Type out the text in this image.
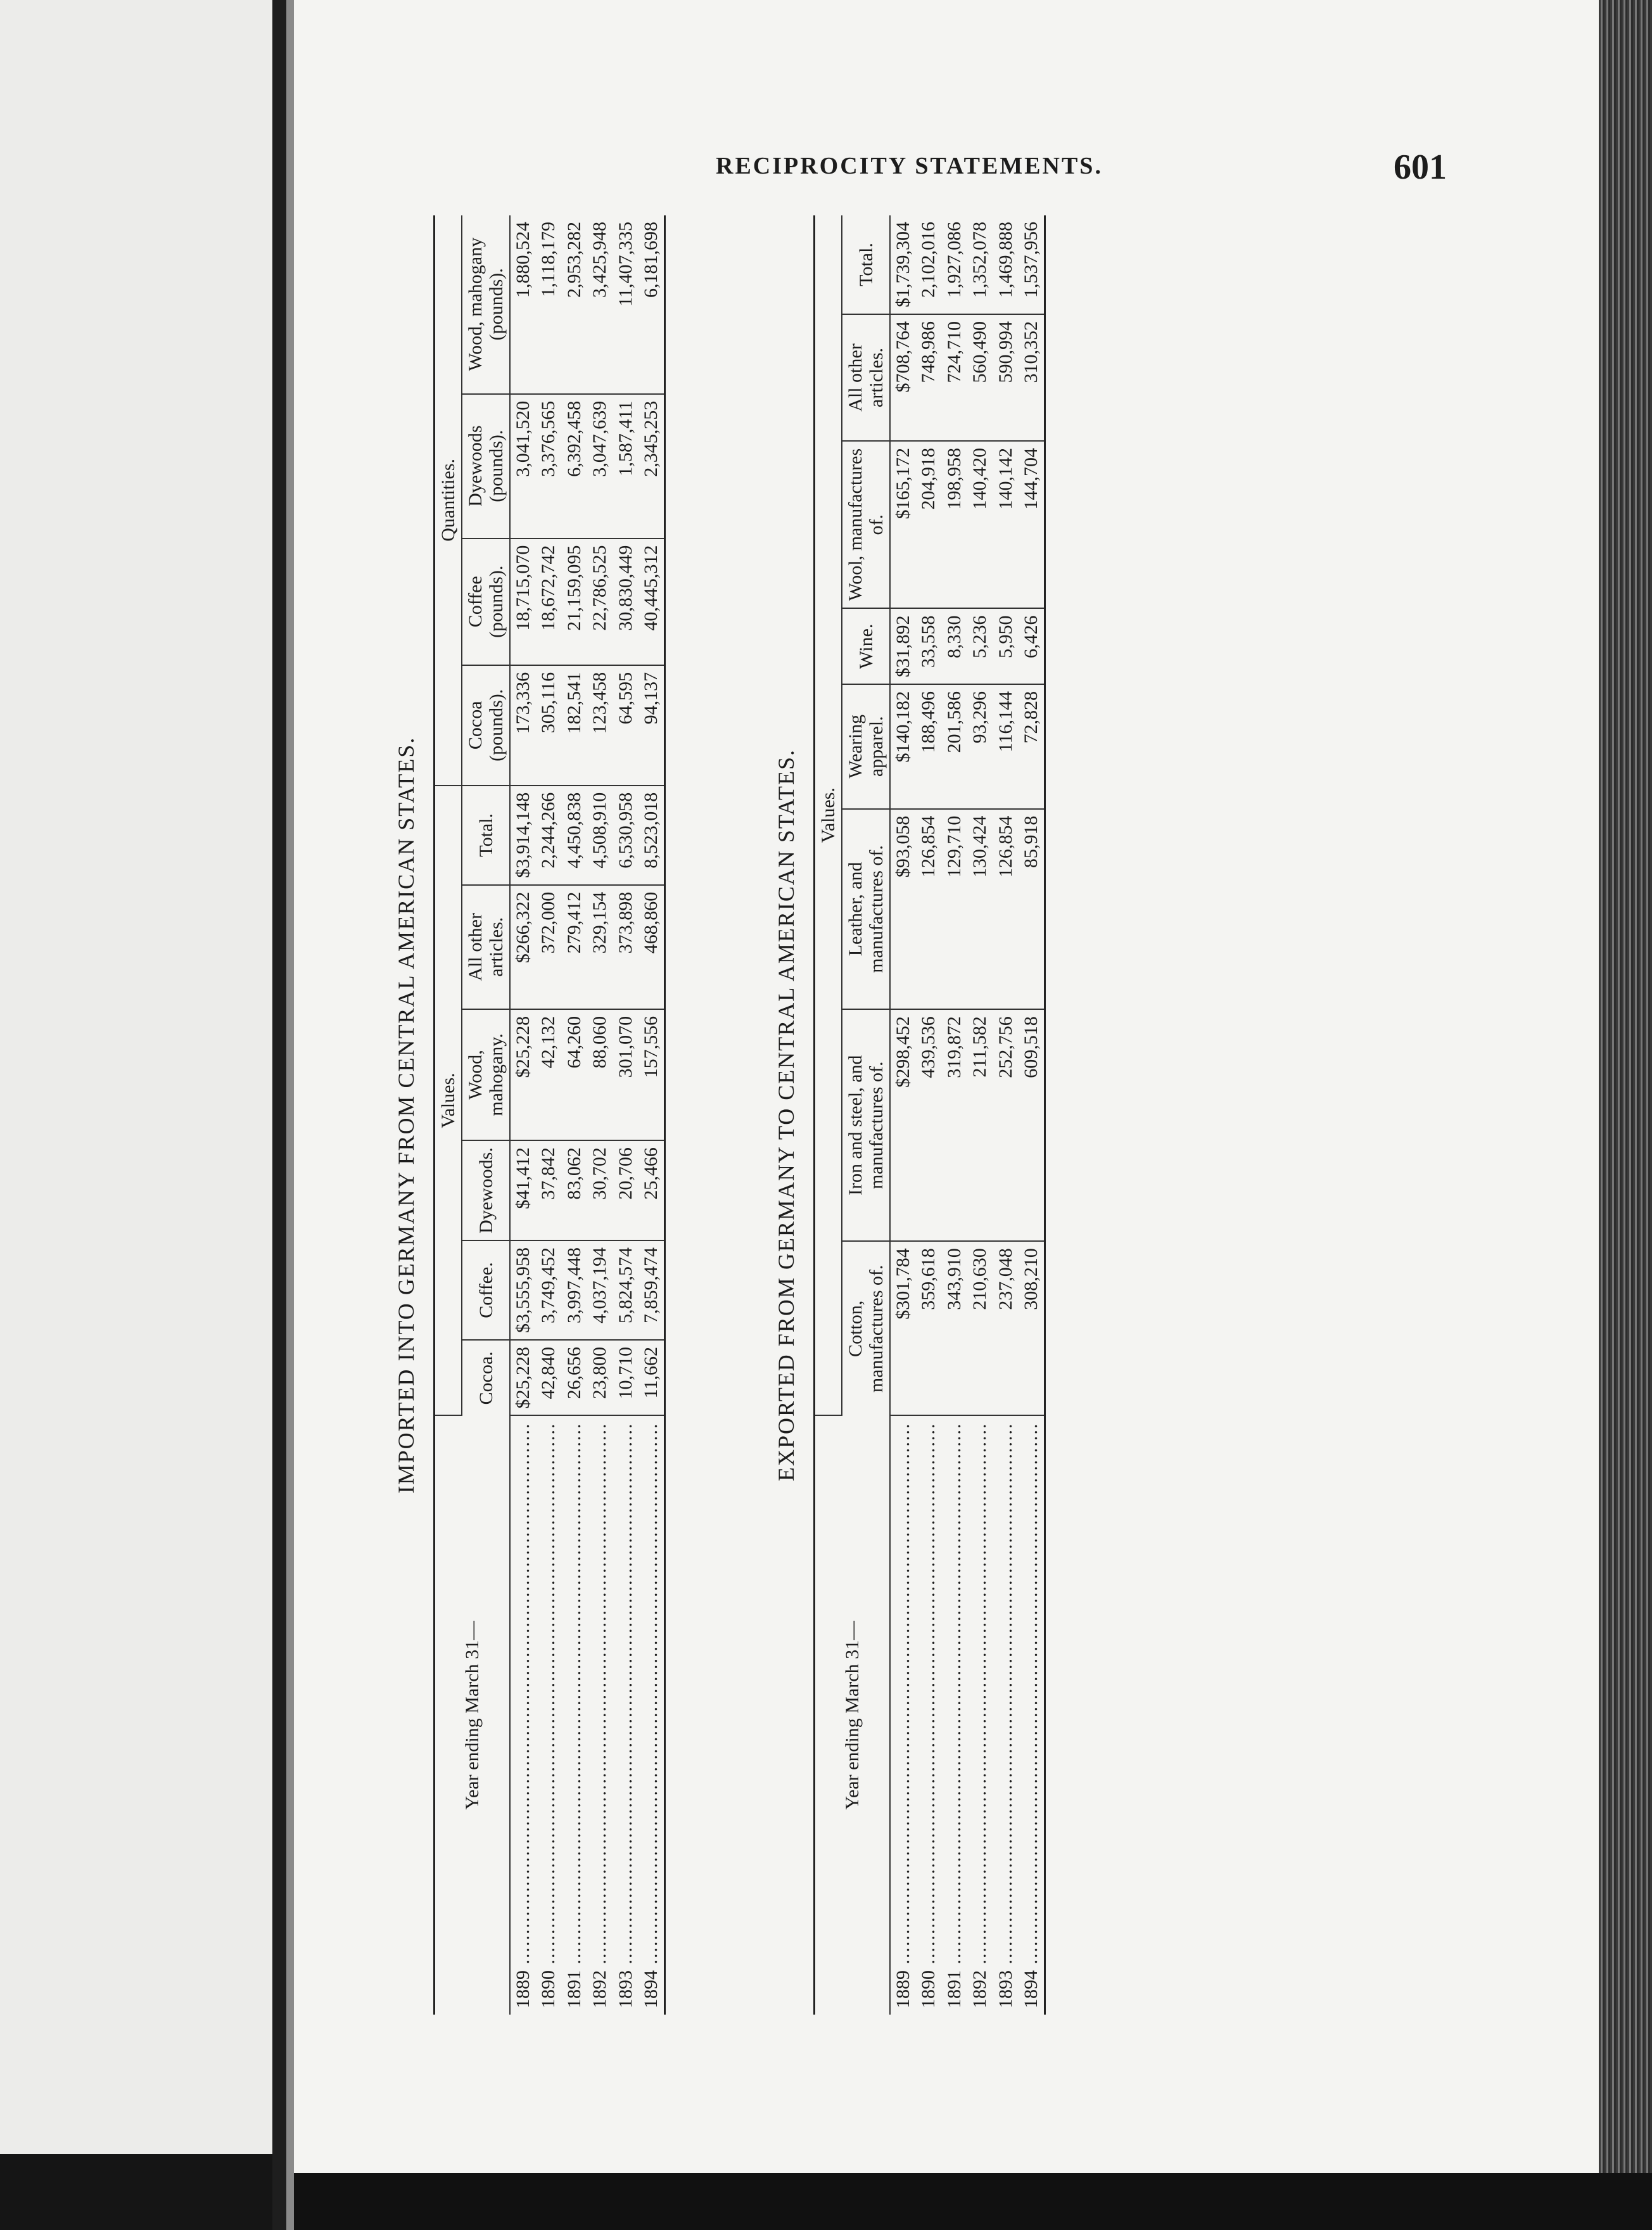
RECIPROCITY STATEMENTS.	601
IMPORTED INTO GERMANY FROM CENTRAL AMERICAN STATES.
Year ending March 31—	Values.						Quantities.			
	Cocoa.	Coffee.	Dyewoods.	Wood, mahogany.	All other articles.	Total.	Cocoa (pounds).	Coffee (pounds).	Dyewoods (pounds).	Wood, mahogany (pounds).
1889 ..........................................................................................	$25,228	$3,555,958	$41,412	$25,228	$266,322	$3,914,148	173,336	18,715,070	3,041,520	1,880,524
1890 ..........................................................................................	42,840	3,749,452	37,842	42,132	372,000	2,244,266	305,116	18,672,742	3,376,565	1,118,179
1891 ..........................................................................................	26,656	3,997,448	83,062	64,260	279,412	4,450,838	182,541	21,159,095	6,392,458	2,953,282
1892 ..........................................................................................	23,800	4,037,194	30,702	88,060	329,154	4,508,910	123,458	22,786,525	3,047,639	3,425,948
1893 ..........................................................................................	10,710	5,824,574	20,706	301,070	373,898	6,530,958	64,595	30,830,449	1,587,411	11,407,335
1894 ..........................................................................................	11,662	7,859,474	25,466	157,556	468,860	8,523,018	94,137	40,445,312	2,345,253	6,181,698
EXPORTED FROM GERMANY TO CENTRAL AMERICAN STATES.
Year ending March 31—	Values.							
	Cotton, manufactures of.	Iron and steel, and manufactures of.	Leather, and manufactures of.	Wearing apparel.	Wine.	Wool, manufactures of.	All other articles.	Total.
1889 ..........................................................................................	$301,784	$298,452	$93,058	$140,182	$31,892	$165,172	$708,764	$1,739,304
1890 ..........................................................................................	359,618	439,536	126,854	188,496	33,558	204,918	748,986	2,102,016
1891 ..........................................................................................	343,910	319,872	129,710	201,586	8,330	198,958	724,710	1,927,086
1892 ..........................................................................................	210,630	211,582	130,424	93,296	5,236	140,420	560,490	1,352,078
1893 ..........................................................................................	237,048	252,756	126,854	116,144	5,950	140,142	590,994	1,469,888
1894 ..........................................................................................	308,210	609,518	85,918	72,828	6,426	144,704	310,352	1,537,956
